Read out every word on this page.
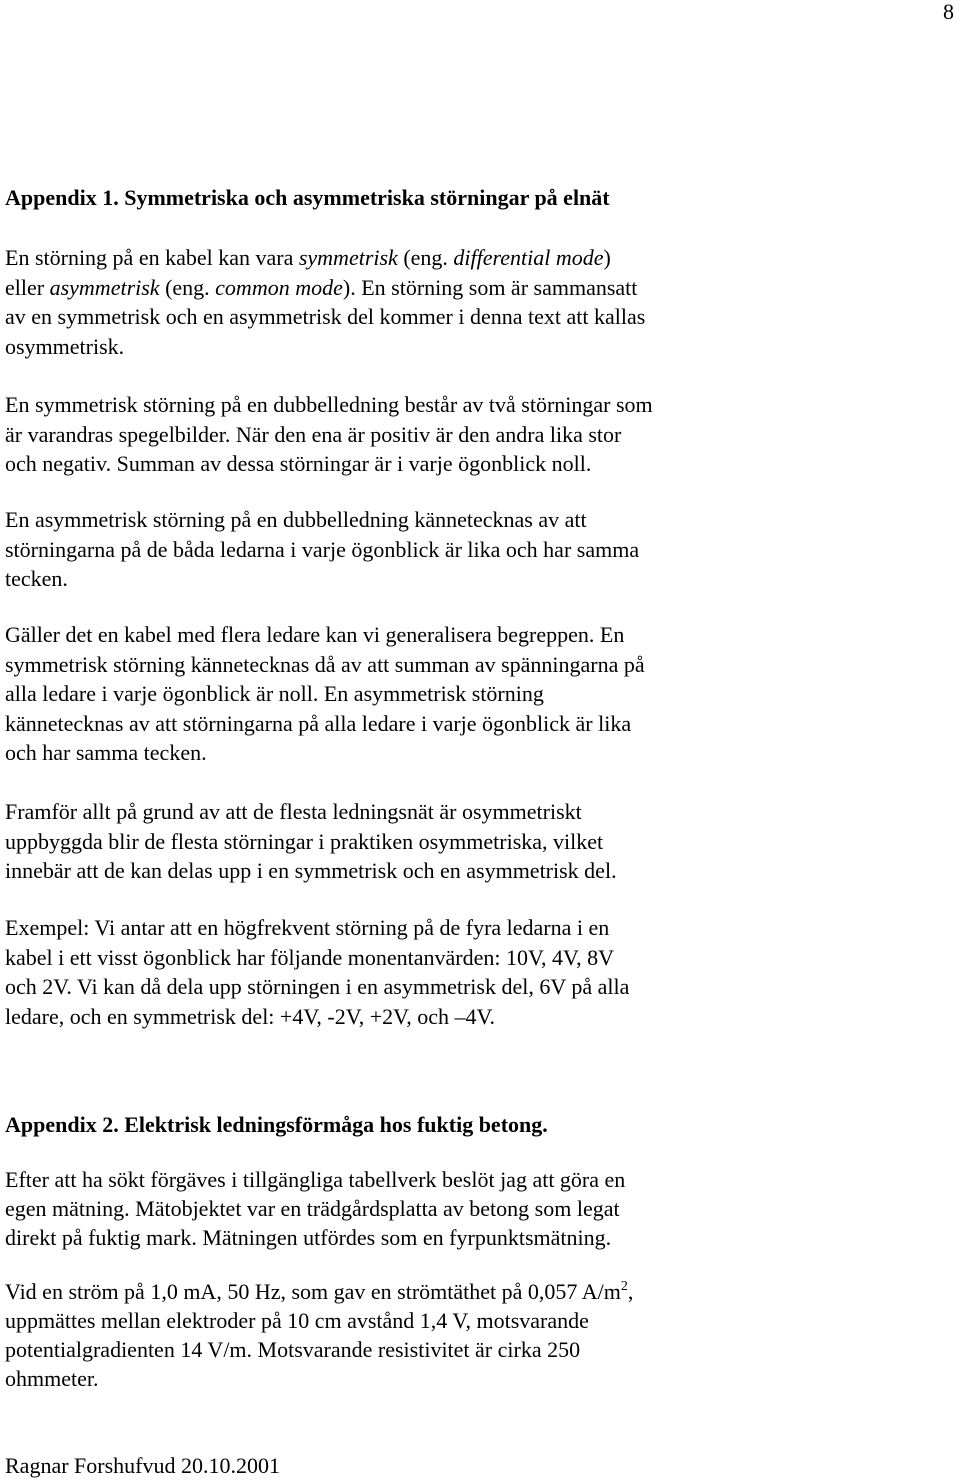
8
Appendix 1. Symmetriska och asymmetriska störningar på elnät
En störning på en kabel kan vara symmetrisk (eng. differential mode)
eller asymmetrisk (eng. common mode). En störning som är sammansatt
av en symmetrisk och en asymmetrisk del kommer i denna text att kallas
osymmetrisk.
En symmetrisk störning på en dubbelledning består av två störningar som
är varandras spegelbilder. När den ena är positiv är den andra lika stor
och negativ. Summan av dessa störningar är i varje ögonblick noll.
En asymmetrisk störning på en dubbelledning kännetecknas av att
störningarna på de båda ledarna i varje ögonblick är lika och har samma
tecken.
Gäller det en kabel med flera ledare kan vi generalisera begreppen. En
symmetrisk störning kännetecknas då av att summan av spänningarna på
alla ledare i varje ögonblick är noll. En asymmetrisk störning
kännetecknas av att störningarna på alla ledare i varje ögonblick är lika
och har samma tecken.
Framför allt på grund av att de flesta ledningsnät är osymmetriskt
uppbyggda blir de flesta störningar i praktiken osymmetriska, vilket
innebär att de kan delas upp i en symmetrisk och en asymmetrisk del.
Exempel: Vi antar att en högfrekvent störning på de fyra ledarna i en
kabel i ett visst ögonblick har följande monentanvärden: 10V, 4V, 8V
och 2V. Vi kan då dela upp störningen i en asymmetrisk del, 6V på alla
ledare, och en symmetrisk del: +4V, -2V, +2V, och –4V.
Appendix 2. Elektrisk ledningsförmåga hos fuktig betong.
Efter att ha sökt förgäves i tillgängliga tabellverk beslöt jag att göra en
egen mätning. Mätobjektet var en trädgårdsplatta av betong som legat
direkt på fuktig mark. Mätningen utfördes som en fyrpunktsmätning.
Vid en ström på 1,0 mA, 50 Hz, som gav en strömtäthet på 0,057 $A/m^2$,
uppmättes mellan elektroder på 10 cm avstånd 1,4 V, motsvarande
potentialgradienten 14 V/m. Motsvarande resistivitet är cirka 250
ohmmeter.
Ragnar Forshufvud 20.10.2001
